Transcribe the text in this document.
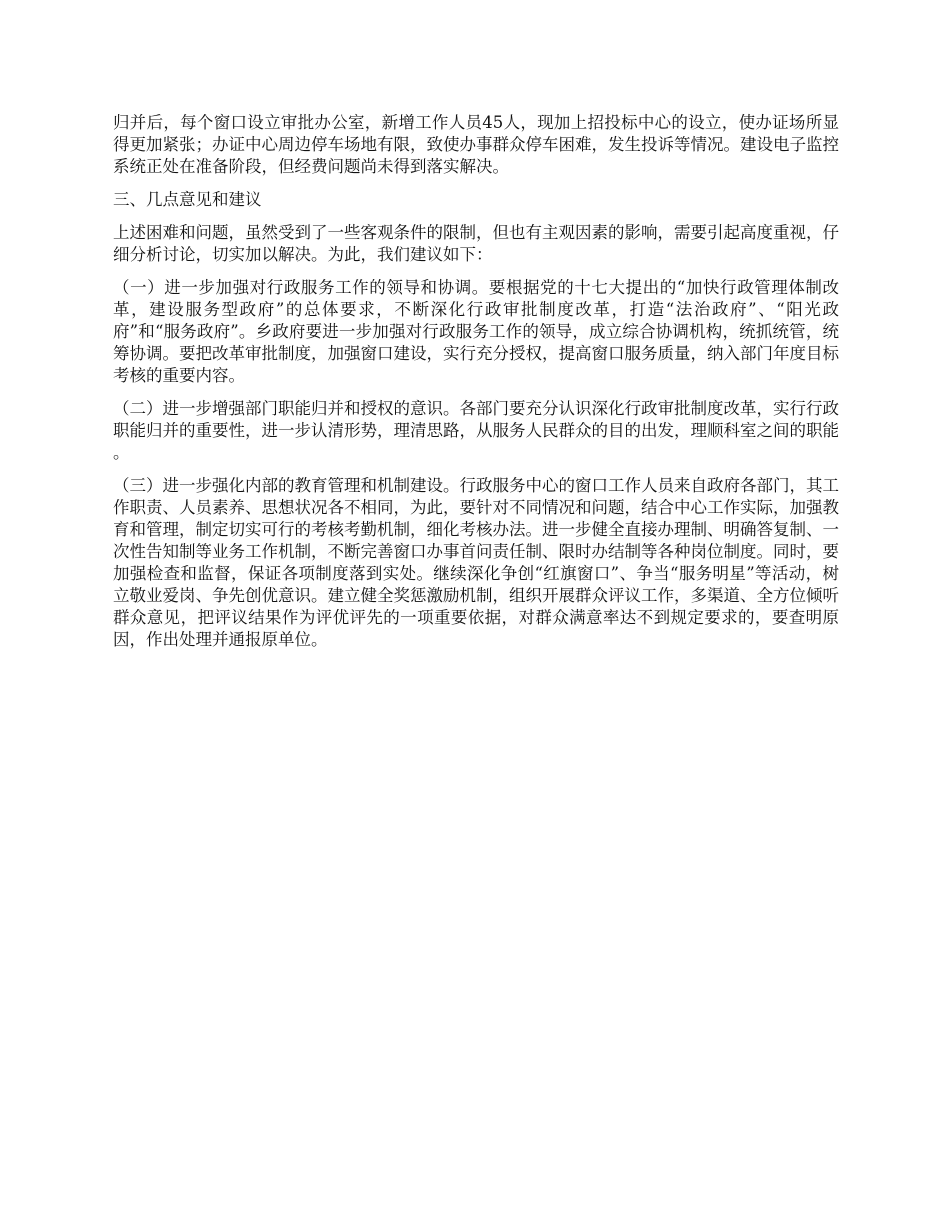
归并后，每个窗口设立审批办公室，新增工作人员45人，现加上招投标中心的设立，使办证场所显得更加紧张；办证中心周边停车场地有限，致使办事群众停车困难，发生投诉等情况。建设电子监控系统正处在准备阶段，但经费问题尚未得到落实解决。

三、几点意见和建议

上述困难和问题，虽然受到了一些客观条件的限制，但也有主观因素的影响，需要引起高度重视，仔细分析讨论，切实加以解决。为此，我们建议如下：

（一）进一步加强对行政服务工作的领导和协调。要根据党的十七大提出的“加快行政管理体制改革，建设服务型政府”的总体要求，不断深化行政审批制度改革，打造“法治政府”、“阳光政府”和“服务政府”。乡政府要进一步加强对行政服务工作的领导，成立综合协调机构，统抓统管，统筹协调。要把改革审批制度，加强窗口建设，实行充分授权，提高窗口服务质量，纳入部门年度目标考核的重要内容。

（二）进一步增强部门职能归并和授权的意识。各部门要充分认识深化行政审批制度改革，实行行政职能归并的重要性，进一步认清形势，理清思路，从服务人民群众的目的出发，理顺科室之间的职能 。

（三）进一步强化内部的教育管理和机制建设。行政服务中心的窗口工作人员来自政府各部门，其工作职责、人员素养、思想状况各不相同，为此，要针对不同情况和问题，结合中心工作实际，加强教育和管理，制定切实可行的考核考勤机制，细化考核办法。进一步健全直接办理制、明确答复制、一次性告知制等业务工作机制，不断完善窗口办事首问责任制、限时办结制等各种岗位制度。同时，要加强检查和监督，保证各项制度落到实处。继续深化争创“红旗窗口”、争当“服务明星”等活动，树立敬业爱岗、争先创优意识。建立健全奖惩激励机制，组织开展群众评议工作，多渠道、全方位倾听群众意见，把评议结果作为评优评先的一项重要依据，对群众满意率达不到规定要求的，要查明原因，作出处理并通报原单位。
